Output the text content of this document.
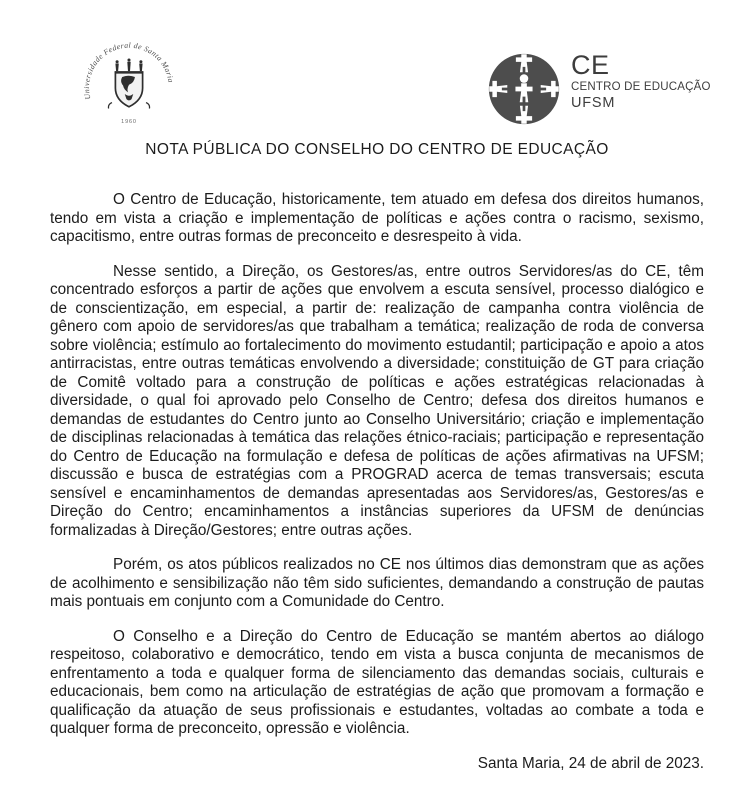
Universidade Federal de Santa Maria
1960
CE
CENTRO DE EDUCAÇÃO
UFSM
NOTA PÚBLICA DO CONSELHO DO CENTRO DE EDUCAÇÃO

O Centro de Educação, historicamente, tem atuado em defesa dos direitos humanos, tendo em vista a criação e implementação de políticas e ações contra o racismo, sexismo, capacitismo, entre outras formas de preconceito e desrespeito à vida.

Nesse sentido, a Direção, os Gestores/as, entre outros Servidores/as do CE, têm concentrado esforços a partir de ações que envolvem a escuta sensível, processo dialógico e de conscientização, em especial, a partir de: realização de campanha contra violência de gênero com apoio de servidores/as que trabalham a temática; realização de roda de conversa sobre violência; estímulo ao fortalecimento do movimento estudantil; participação e apoio a atos antirracistas, entre outras temáticas envolvendo a diversidade; constituição de GT para criação de Comitê voltado para a construção de políticas e ações estratégicas relacionadas à diversidade, o qual foi aprovado pelo Conselho de Centro; defesa dos direitos humanos e demandas de estudantes do Centro junto ao Conselho Universitário; criação e implementação de disciplinas relacionadas à temática das relações étnico-raciais; participação e representação do Centro de Educação na formulação e defesa de políticas de ações afirmativas na UFSM; discussão e busca de estratégias com a PROGRAD acerca de temas transversais; escuta sensível e encaminhamentos de demandas apresentadas aos Servidores/as, Gestores/as e Direção do Centro; encaminhamentos a instâncias superiores da UFSM de denúncias formalizadas à Direção/Gestores; entre outras ações.

Porém, os atos públicos realizados no CE nos últimos dias demonstram que as ações de acolhimento e sensibilização não têm sido suficientes, demandando a construção de pautas mais pontuais em conjunto com a Comunidade do Centro.

O Conselho e a Direção do Centro de Educação se mantém abertos ao diálogo respeitoso, colaborativo e democrático, tendo em vista a busca conjunta de mecanismos de enfrentamento a toda e qualquer forma de silenciamento das demandas sociais, culturais e educacionais, bem como na articulação de estratégias de ação que promovam a formação e qualificação da atuação de seus profissionais e estudantes, voltadas ao combate a toda e qualquer forma de preconceito, opressão e violência.

Santa Maria, 24 de abril de 2023.
